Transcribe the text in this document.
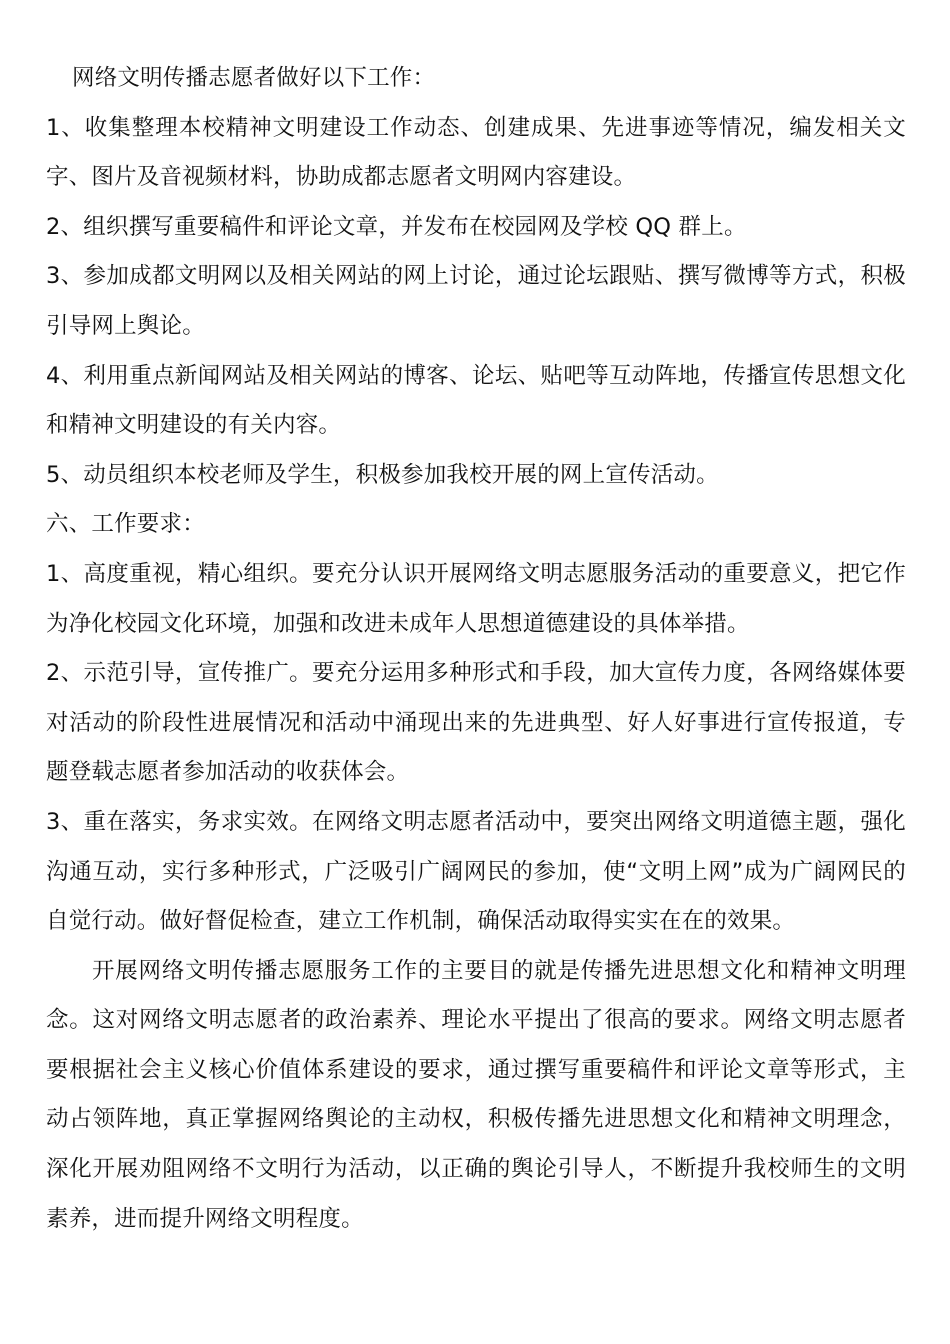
网络文明传播志愿者做好以下工作：

1、收集整理本校精神文明建设工作动态、创建成果、先进事迹等情况，编发相关文字、图片及音视频材料，协助成都志愿者文明网内容建设。

2、组织撰写重要稿件和评论文章，并发布在校园网及学校 QQ 群上。

3、参加成都文明网以及相关网站的网上讨论，通过论坛跟贴、撰写微博等方式，积极引导网上舆论。

4、利用重点新闻网站及相关网站的博客、论坛、贴吧等互动阵地，传播宣传思想文化和精神文明建设的有关内容。

5、动员组织本校老师及学生，积极参加我校开展的网上宣传活动。

六、工作要求：

1、高度重视，精心组织。要充分认识开展网络文明志愿服务活动的重要意义，把它作为净化校园文化环境，加强和改进未成年人思想道德建设的具体举措。

2、示范引导，宣传推广。要充分运用多种形式和手段，加大宣传力度，各网络媒体要对活动的阶段性进展情况和活动中涌现出来的先进典型、好人好事进行宣传报道，专题登载志愿者参加活动的收获体会。

3、重在落实，务求实效。在网络文明志愿者活动中，要突出网络文明道德主题，强化沟通互动，实行多种形式，广泛吸引广阔网民的参加，使“文明上网”成为广阔网民的自觉行动。做好督促检查，建立工作机制，确保活动取得实实在在的效果。

开展网络文明传播志愿服务工作的主要目的就是传播先进思想文化和精神文明理念。这对网络文明志愿者的政治素养、理论水平提出了很高的要求。网络文明志愿者要根据社会主义核心价值体系建设的要求，通过撰写重要稿件和评论文章等形式，主动占领阵地，真正掌握网络舆论的主动权，积极传播先进思想文化和精神文明理念，深化开展劝阻网络不文明行为活动，以正确的舆论引导人，不断提升我校师生的文明素养，进而提升网络文明程度。
